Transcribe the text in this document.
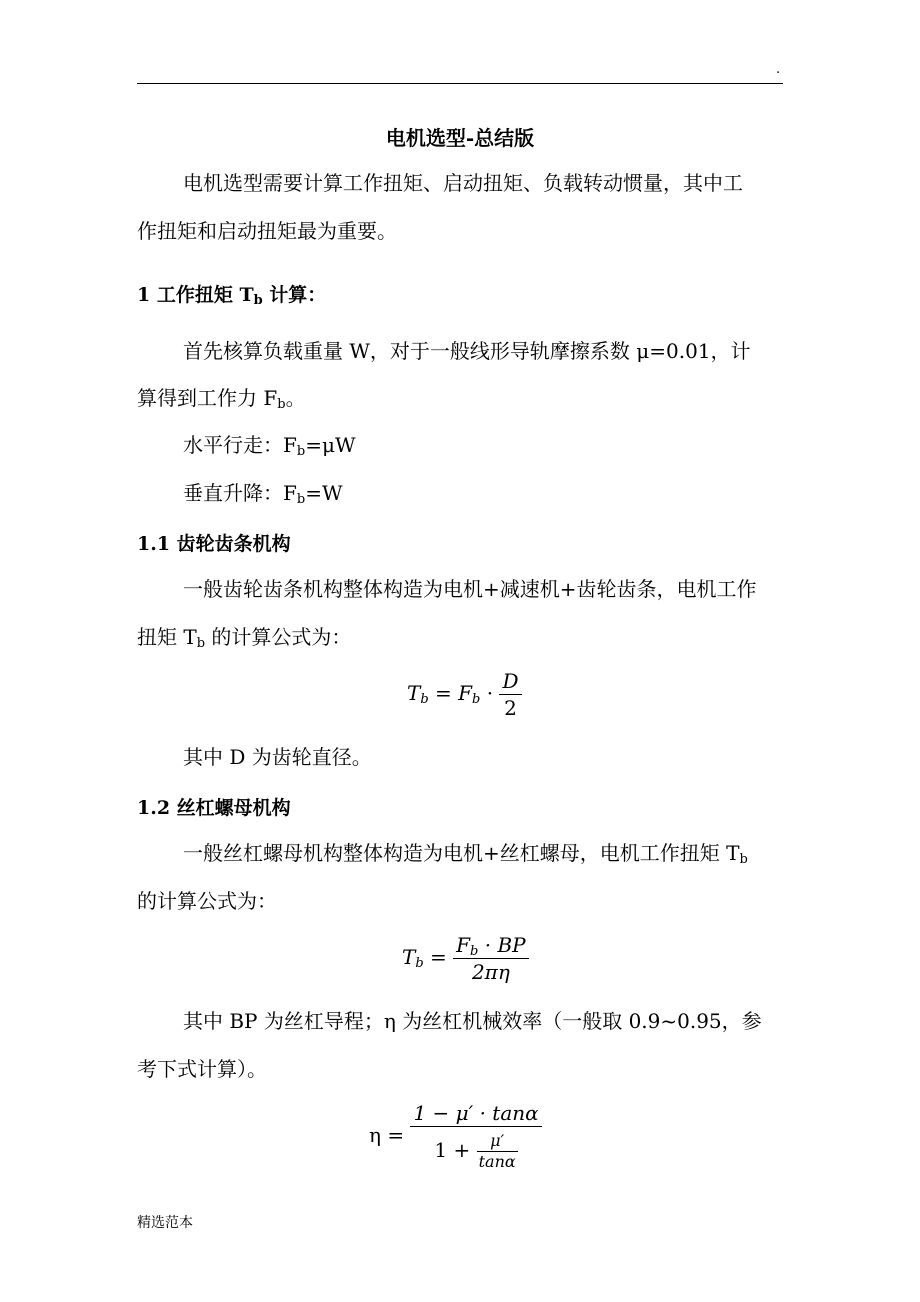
.
电机选型-总结版
电机选型需要计算工作扭矩、启动扭矩、负载转动惯量，其中工
作扭矩和启动扭矩最为重要。
1 工作扭矩 $T_b$ 计算：
首先核算负载重量 W，对于一般线形导轨摩擦系数 μ=0.01，计
算得到工作力 $F_b$。
水平行走：$F_b=\mu W$
垂直升降：$F_b=W$
1.1 齿轮齿条机构
一般齿轮齿条机构整体构造为电机+减速机+齿轮齿条，电机工作
扭矩 $T_b$ 的计算公式为：
$T_b = F_b \cdot \frac{D}{2}$
其中 D 为齿轮直径。
1.2 丝杠螺母机构
一般丝杠螺母机构整体构造为电机+丝杠螺母，电机工作扭矩 $T_b$
的计算公式为：
$T_b = \frac{F_b \cdot BP}{2\pi\eta}$
其中 BP 为丝杠导程；η 为丝杠机械效率（一般取 0.9~0.95，参
考下式计算）。
$\eta = \frac{1 - \mu' \cdot \tan\alpha}{1 + \frac{\mu'}{\tan\alpha}}$
精选范本
